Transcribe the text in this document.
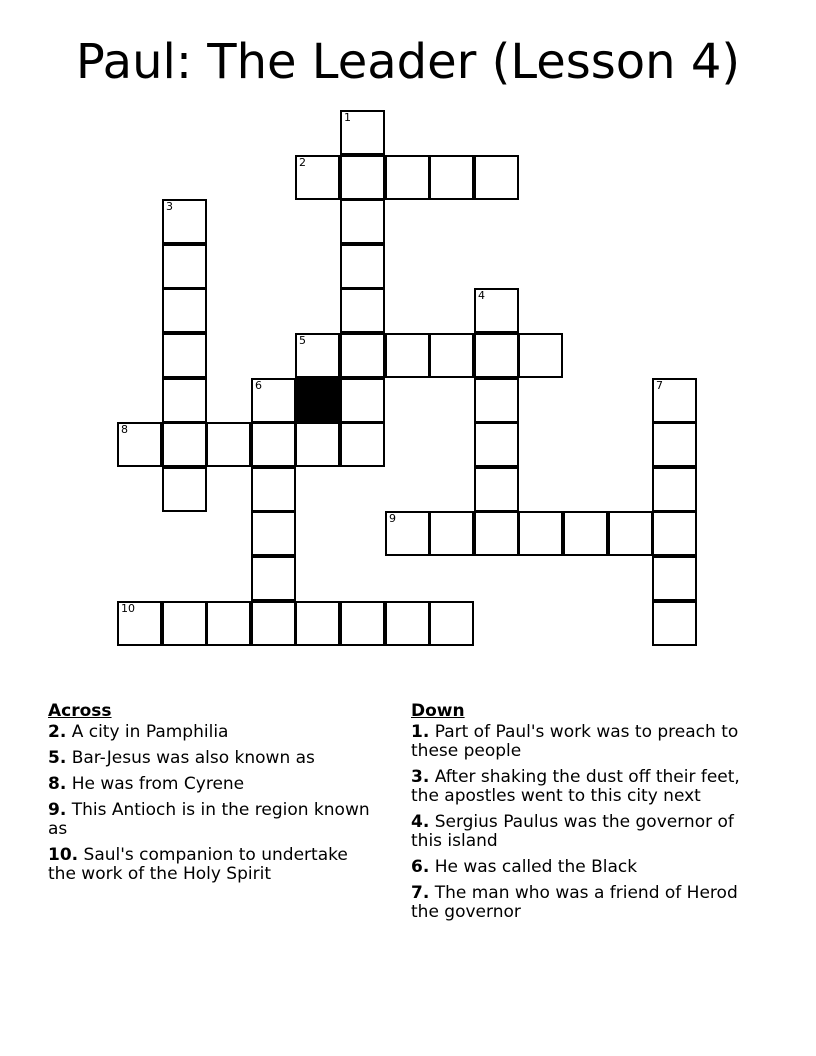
Paul: The Leader (Lesson 4)
1
2
3
4
5
6	7
8
9
10
Across
2. A city in Pamphilia
5. Bar-Jesus was also known as
8. He was from Cyrene
9. This Antioch is in the region known as
10. Saul's companion to undertake the work of the Holy Spirit
Down
1. Part of Paul's work was to preach to these people
3. After shaking the dust off their feet, the apostles went to this city next
4. Sergius Paulus was the governor of this island
6. He was called the Black
7. The man who was a friend of Herod the governor
